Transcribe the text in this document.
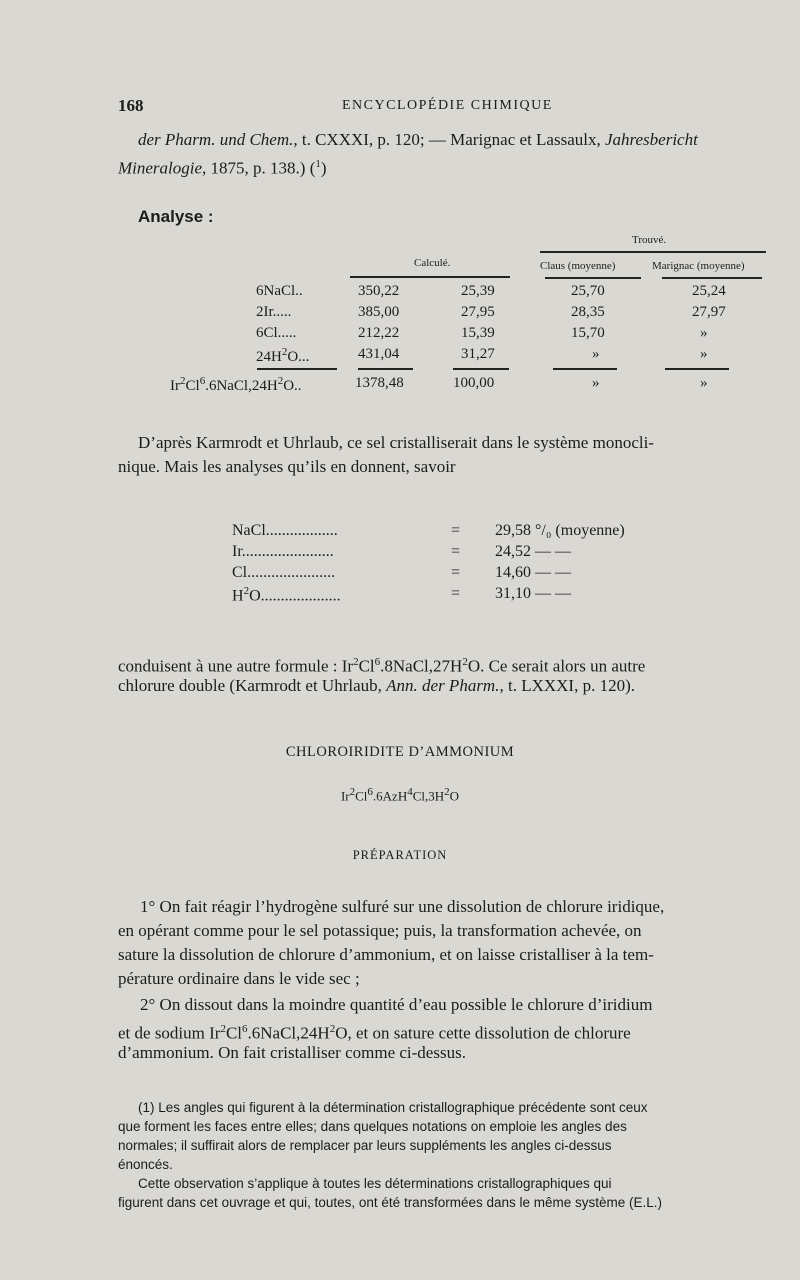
168	ENCYCLOPÉDIE CHIMIQUE

der Pharm. und Chem., t. CXXXI, p. 120; — Marignac et Lassaulx, Jahresbericht

Mineralogie, 1875, p. 138.) ($^1$)

Analyse :
Trouvé.
Calculé.	Claus (moyenne)	Marignac (moyenne)
6NaCl..	350,22	25,39	25,70	25,24
2Ir.....	385,00	27,95	28,35	27,97
6Cl.....	212,22	15,39	15,70	»
$24H^2O$...	431,04	31,27	»	»
$Ir^2Cl^6.6NaCl,24H^2O$..	1378,48	100,00	»	»

D’après Karmrodt et Uhrlaub, ce sel cristalliserait dans le système monocli-

nique. Mais les analyses qu’ils en donnent, savoir

NaCl..................	= 29,58 °/₀ (moyenne)
Ir.......................	= 24,52 — —
Cl......................	= 14,60 — —
$H^2O$....................	= 31,10 — —

conduisent à une autre formule : $Ir^2Cl^6.8NaCl,27H^2O$. Ce serait alors un autre

chlorure double (Karmrodt et Uhrlaub, Ann. der Pharm., t. LXXXI, p. 120).

CHLOROIRIDITE D’AMMONIUM
$Ir^2Cl^6.6AzH^4Cl,3H^2O$
PRÉPARATION

1° On fait réagir l’hydrogène sulfuré sur une dissolution de chlorure iridique,

en opérant comme pour le sel potassique; puis, la transformation achevée, on

sature la dissolution de chlorure d’ammonium, et on laisse cristalliser à la tem-

pérature ordinaire dans le vide sec ;

2° On dissout dans la moindre quantité d’eau possible le chlorure d’iridium

et de sodium $Ir^2Cl^6.6NaCl,24H^2O$, et on sature cette dissolution de chlorure

d’ammonium. On fait cristalliser comme ci-dessus.

(1) Les angles qui figurent à la détermination cristallographique précédente sont ceux

que forment les faces entre elles; dans quelques notations on emploie les angles des

normales; il suffirait alors de remplacer par leurs suppléments les angles ci-dessus

énoncés.

Cette observation s’applique à toutes les déterminations cristallographiques qui

figurent dans cet ouvrage et qui, toutes, ont été transformées dans le même système (E.L.)
